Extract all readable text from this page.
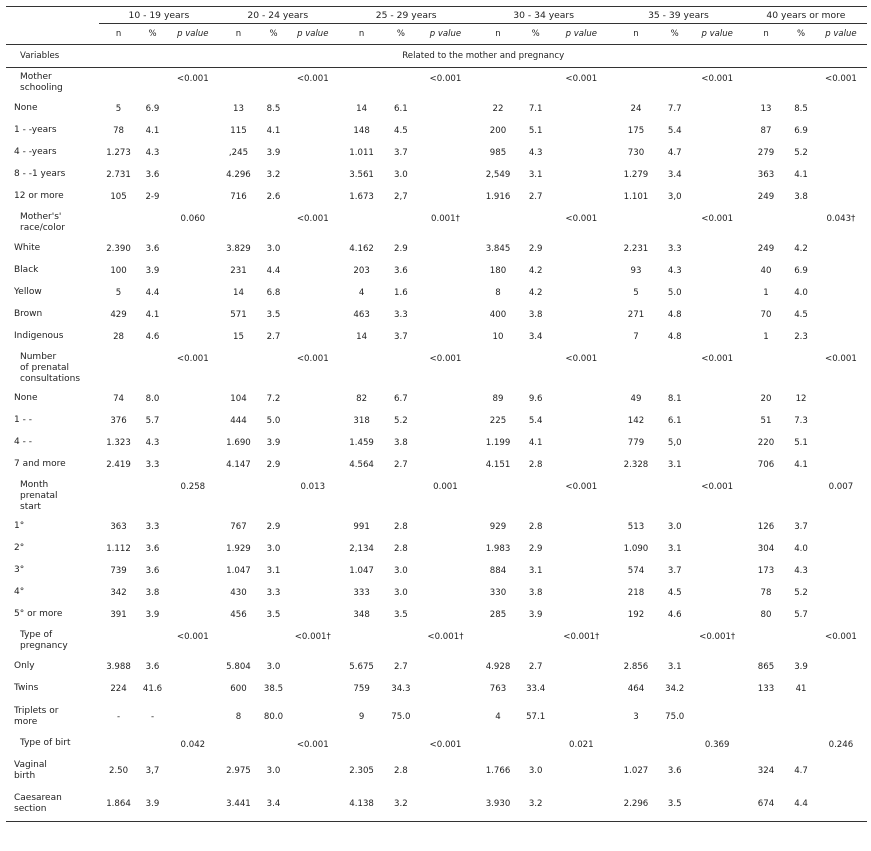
	10 - 19 years			20 - 24 years			25 - 29 years			30 - 34 years			35 - 39 years			40 years or more		
	n	%	p value	n	%	p value	n	%	p value	n	%	p value	n	%	p value	n	%	p value
Variables	Related to the mother and pregnancy																	
Mother
schooling			<0.001			<0.001			<0.001			<0.001			<0.001			<0.001
None	5	6.9		13	8.5		14	6.1		22	7.1		24	7.7		13	8.5	
1 - -years	78	4.1		115	4.1		148	4.5		200	5.1		175	5.4		87	6.9	
4 - -years	1.273	4.3		,245	3.9		1.011	3.7		985	4.3		730	4.7		279	5.2	
8 - -1 years	2.731	3.6		4.296	3.2		3.561	3.0		2,549	3.1		1.279	3.4		363	4.1	
12 or more	105	2-9		716	2.6		1.673	2,7		1.916	2.7		1.101	3,0		249	3.8	
Mother's'
race/color			0.060			<0.001			0.001†			<0.001			<0.001			0.043†
White	2.390	3.6		3.829	3.0		4.162	2.9		3.845	2.9		2.231	3.3		249	4.2	
Black	100	3.9		231	4.4		203	3.6		180	4.2		93	4.3		40	6.9	
Yellow	5	4.4		14	6.8		4	1.6		8	4.2		5	5.0		1	4.0	
Brown	429	4.1		571	3.5		463	3.3		400	3.8		271	4.8		70	4.5	
Indigenous	28	4.6		15	2.7		14	3.7		10	3.4		7	4.8		1	2.3	
Number
of prenatal
consultations			<0.001			<0.001			<0.001			<0.001			<0.001			<0.001
None	74	8.0		104	7.2		82	6.7		89	9.6		49	8.1		20	12	
1 - -	376	5.7		444	5.0		318	5.2		225	5.4		142	6.1		51	7.3	
4 - -	1.323	4.3		1.690	3.9		1.459	3.8		1.199	4.1		779	5,0		220	5.1	
7 and more	2.419	3.3		4.147	2.9		4.564	2.7		4.151	2.8		2.328	3.1		706	4.1	
Month
prenatal
start			0.258			0.013			0.001			<0.001			<0.001			0.007
1°	363	3.3		767	2.9		991	2.8		929	2.8		513	3.0		126	3.7	
2°	1.112	3.6		1.929	3.0		2,134	2.8		1.983	2.9		1.090	3.1		304	4.0	
3°	739	3.6		1.047	3.1		1.047	3.0		884	3.1		574	3.7		173	4.3	
4°	342	3.8		430	3.3		333	3.0		330	3.8		218	4.5		78	5.2	
5° or more	391	3.9		456	3.5		348	3.5		285	3.9		192	4.6		80	5.7	
Type of
pregnancy			<0.001			<0.001†			<0.001†			<0.001†			<0.001†			<0.001
Only	3.988	3.6		5.804	3.0		5.675	2.7		4.928	2.7		2.856	3.1		865	3.9	
Twins	224	41.6		600	38.5		759	34.3		763	33.4		464	34.2		133	41	
Triplets or
more	-	-		8	80.0		9	75.0		4	57.1		3	75.0				
Type of birt			0.042			<0.001			<0.001			0.021			0.369			0.246
Vaginal
birth	2.50	3,7		2.975	3.0		2.305	2.8		1.766	3.0		1.027	3.6		324	4.7	
Caesarean
section	1.864	3.9		3.441	3.4		4.138	3.2		3.930	3.2		2.296	3.5		674	4.4	
